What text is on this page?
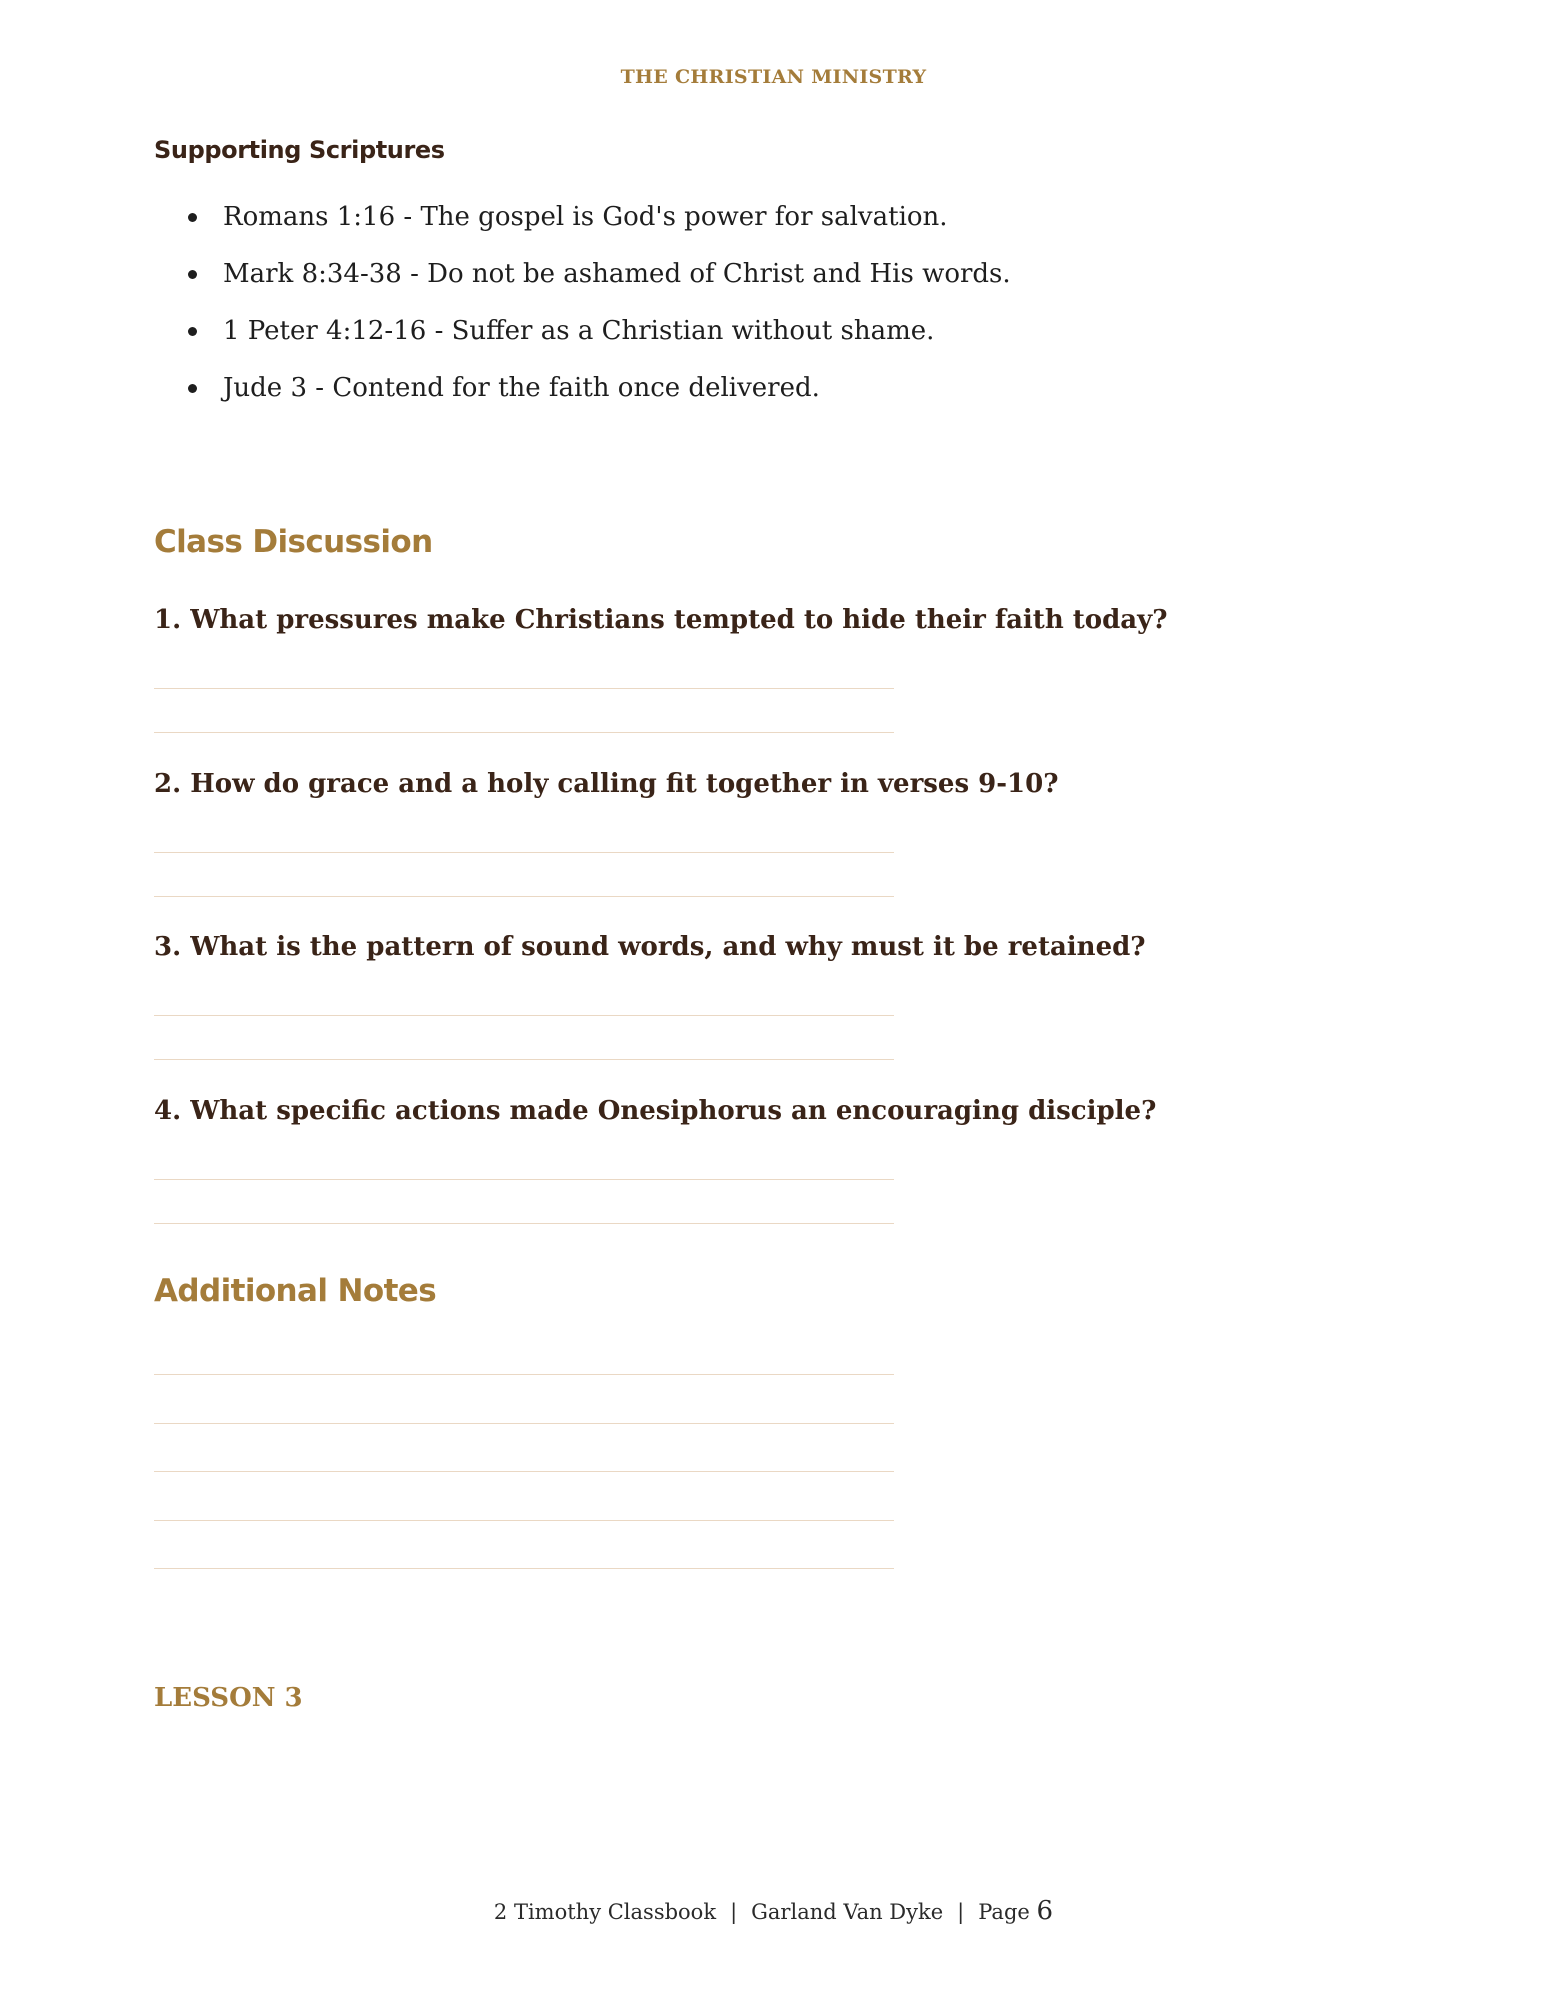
THE CHRISTIAN MINISTRY
Supporting Scriptures
Romans 1:16 - The gospel is God's power for salvation.
Mark 8:34-38 - Do not be ashamed of Christ and His words.
1 Peter 4:12-16 - Suffer as a Christian without shame.
Jude 3 - Contend for the faith once delivered.
Class Discussion
1. What pressures make Christians tempted to hide their faith today?
2. How do grace and a holy calling fit together in verses 9-10?
3. What is the pattern of sound words, and why must it be retained?
4. What specific actions made Onesiphorus an encouraging disciple?
Additional Notes
LESSON 3
2 Timothy Classbook | Garland Van Dyke | Page 6
